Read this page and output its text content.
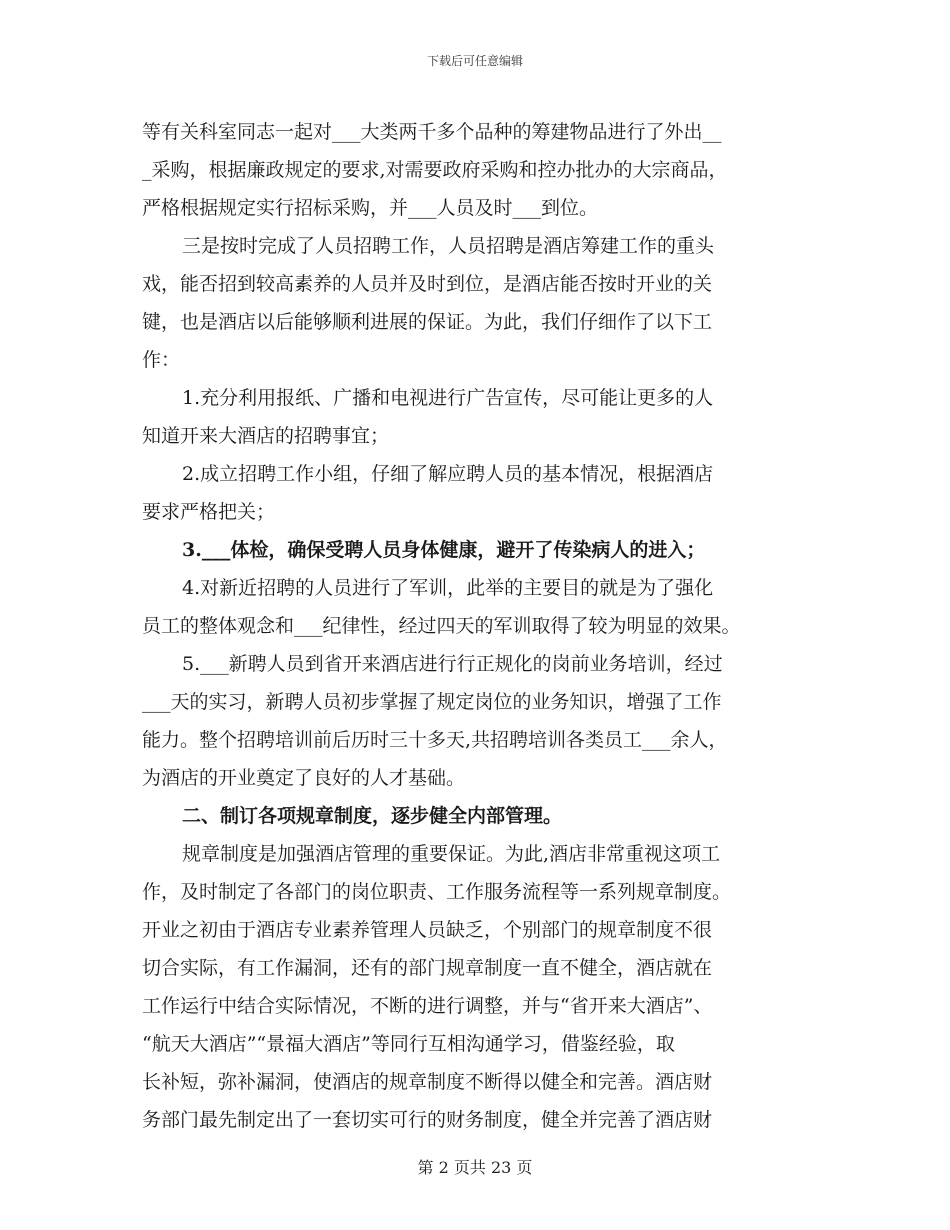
下载后可任意编辑
等有关科室同志一起对___大类两千多个品种的筹建物品进行了外出__
_采购，根据廉政规定的要求,对需要政府采购和控办批办的大宗商品，
严格根据规定实行招标采购，并___人员及时___到位。
三是按时完成了人员招聘工作，人员招聘是酒店筹建工作的重头
戏，能否招到较高素养的人员并及时到位，是酒店能否按时开业的关
键，也是酒店以后能够顺利进展的保证。为此，我们仔细作了以下工
作：
1.充分利用报纸、广播和电视进行广告宣传，尽可能让更多的人
知道开来大酒店的招聘事宜；
2.成立招聘工作小组，仔细了解应聘人员的基本情况，根据酒店
要求严格把关；
3.___体检，确保受聘人员身体健康，避开了传染病人的进入；
4.对新近招聘的人员进行了军训，此举的主要目的就是为了强化
员工的整体观念和___纪律性，经过四天的军训取得了较为明显的效果。
5.___新聘人员到省开来酒店进行行正规化的岗前业务培训，经过
___天的实习，新聘人员初步掌握了规定岗位的业务知识，增强了工作
能力。整个招聘培训前后历时三十多天,共招聘培训各类员工___余人，
为酒店的开业奠定了良好的人才基础。
二、制订各项规章制度，逐步健全内部管理。
规章制度是加强酒店管理的重要保证。为此,酒店非常重视这项工
作，及时制定了各部门的岗位职责、工作服务流程等一系列规章制度。
开业之初由于酒店专业素养管理人员缺乏，个别部门的规章制度不很
切合实际，有工作漏洞，还有的部门规章制度一直不健全，酒店就在
工作运行中结合实际情况，不断的进行调整，并与“省开来大酒店”、
“航天大酒店”“景福大酒店”等同行互相沟通学习，借鉴经验，取
长补短，弥补漏洞，使酒店的规章制度不断得以健全和完善。酒店财
务部门最先制定出了一套切实可行的财务制度，健全并完善了酒店财
第 2 页共 23 页
